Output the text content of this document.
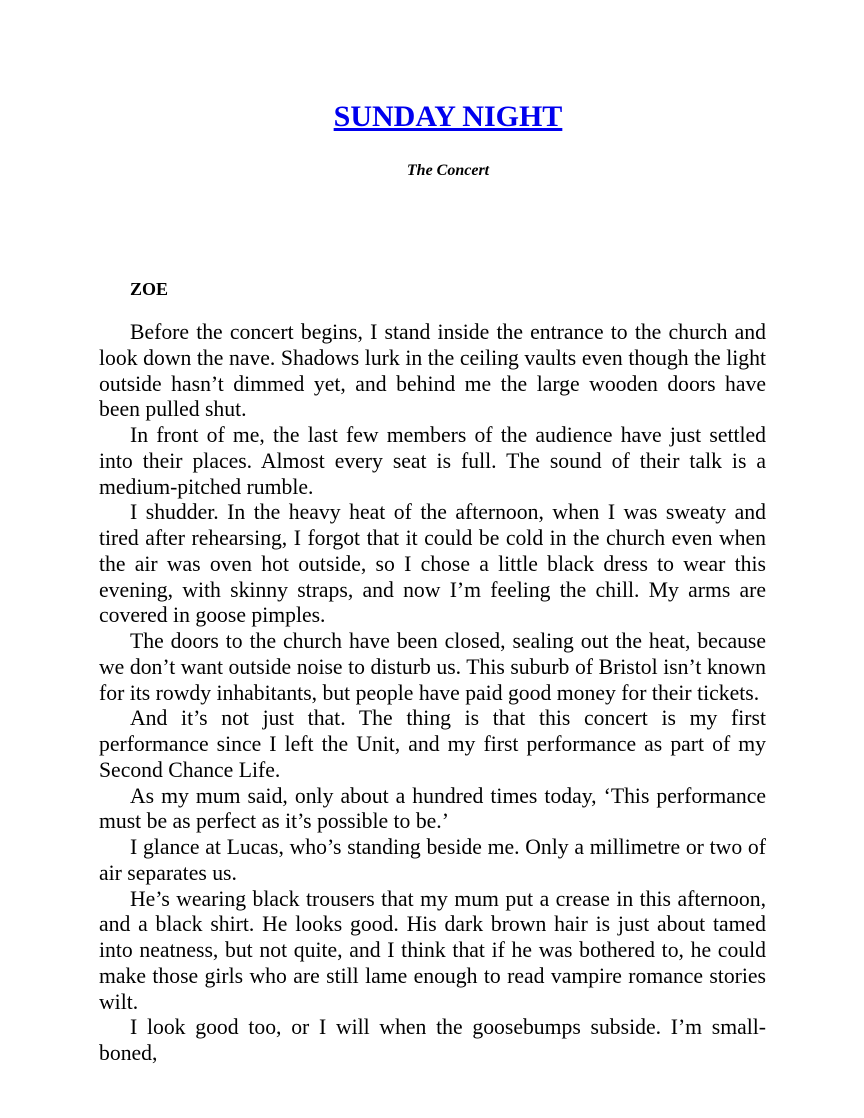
SUNDAY NIGHT
The Concert
ZOE

Before the concert begins, I stand inside the entrance to the church and look down the nave. Shadows lurk in the ceiling vaults even though the light outside hasn’t dimmed yet, and behind me the large wooden doors have been pulled shut.

In front of me, the last few members of the audience have just settled into their places. Almost every seat is full. The sound of their talk is a medium-pitched rumble.

I shudder. In the heavy heat of the afternoon, when I was sweaty and tired after rehearsing, I forgot that it could be cold in the church even when the air was oven hot outside, so I chose a little black dress to wear this evening, with skinny straps, and now I’m feeling the chill. My arms are covered in goose pimples.

The doors to the church have been closed, sealing out the heat, because we don’t want outside noise to disturb us. This suburb of Bristol isn’t known for its rowdy inhabitants, but people have paid good money for their tickets.

And it’s not just that. The thing is that this concert is my first performance since I left the Unit, and my first performance as part of my Second Chance Life.

As my mum said, only about a hundred times today, ‘This performance must be as perfect as it’s possible to be.’

I glance at Lucas, who’s standing beside me. Only a millimetre or two of air separates us.

He’s wearing black trousers that my mum put a crease in this afternoon, and a black shirt. He looks good. His dark brown hair is just about tamed into neatness, but not quite, and I think that if he was bothered to, he could make those girls who are still lame enough to read vampire romance stories wilt.

I look good too, or I will when the goosebumps subside. I’m small-boned,
